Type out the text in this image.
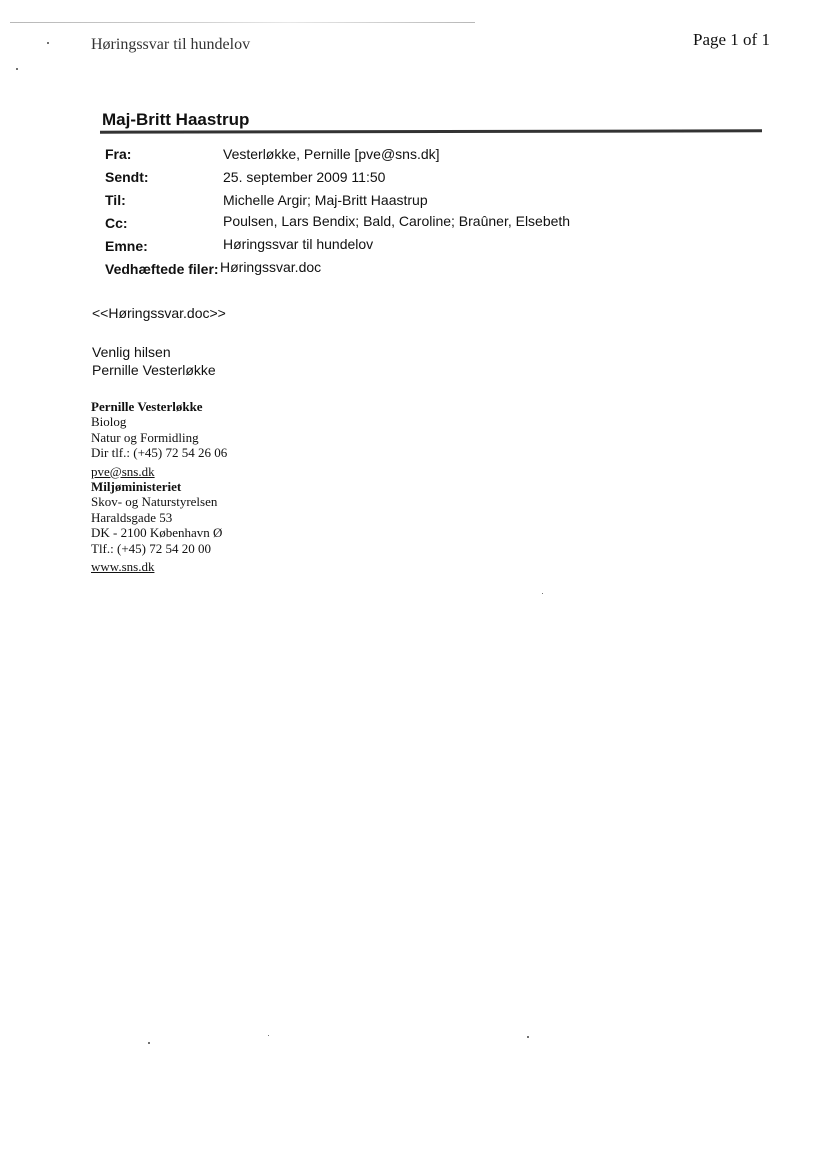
Høringssvar til hundelov	Page 1 of 1
Maj-Britt Haastrup
Fra:	Vesterløkke, Pernille [pve@sns.dk]
Sendt:	25. september 2009 11:50
Til:	Michelle Argir; Maj-Britt Haastrup
Cc:	Poulsen, Lars Bendix; Bald, Caroline; Braûner, Elsebeth
Emne:	Høringssvar til hundelov
Vedhæftede filer: Høringssvar.doc
<<Høringssvar.doc>>
Venlig hilsen
Pernille Vesterløkke
Pernille Vesterløkke
Biolog
Natur og Formidling
Dir tlf.: (+45) 72 54 26 06
pve@sns.dk
Miljøministeriet
Skov- og Naturstyrelsen
Haraldsgade 53
DK - 2100 København Ø
Tlf.: (+45) 72 54 20 00
www.sns.dk
